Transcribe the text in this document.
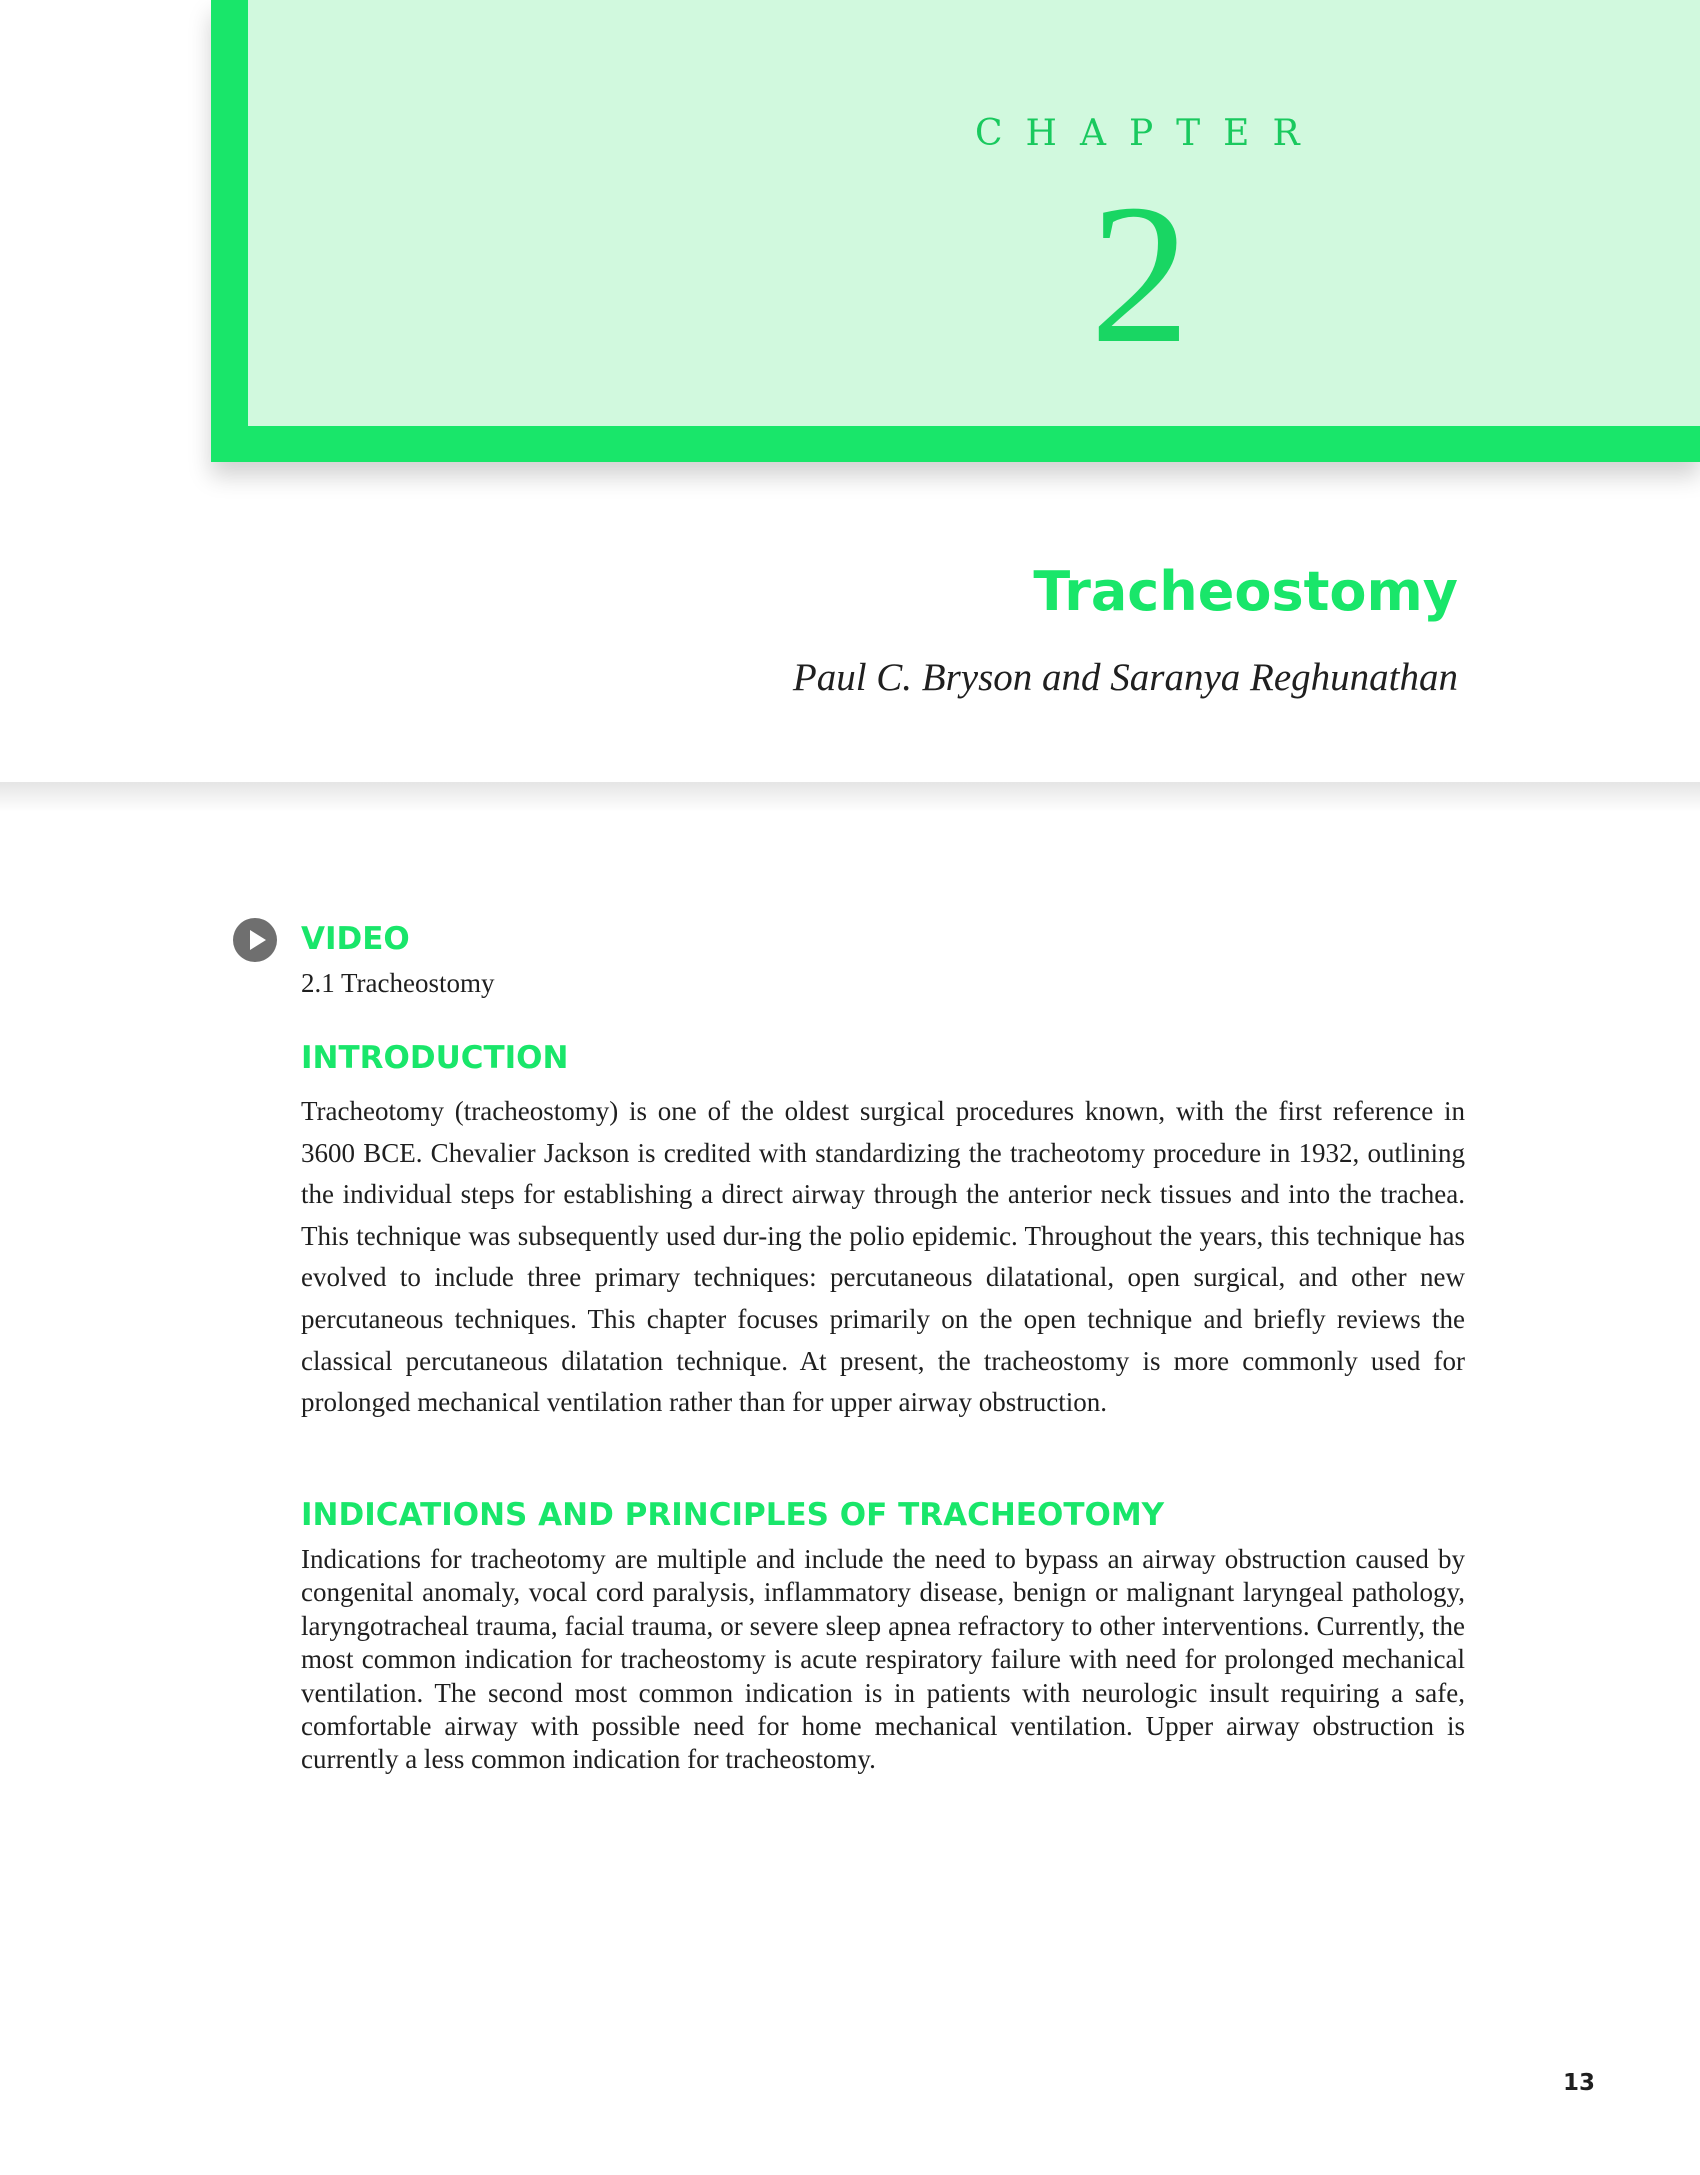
CHAPTER
2
Tracheostomy
Paul C. Bryson and Saranya Reghunathan
VIDEO
2.1 Tracheostomy
INTRODUCTION

Tracheotomy (tracheostomy) is one of the oldest surgical procedures known, with the first reference in 3600 BCE. Chevalier Jackson is credited with standardizing the tracheotomy procedure in 1932, outlining the individual steps for establishing a direct airway through the anterior neck tissues and into the trachea. This technique was subsequently used dur-ing the polio epidemic. Throughout the years, this technique has evolved to include three primary techniques: percutaneous dilatational, open surgical, and other new percutaneous techniques. This chapter focuses primarily on the open technique and briefly reviews the classical percutaneous dilatation technique. At present, the tracheostomy is more commonly used for prolonged mechanical ventilation rather than for upper airway obstruction.

INDICATIONS AND PRINCIPLES OF TRACHEOTOMY

Indications for tracheotomy are multiple and include the need to bypass an airway obstruction caused by congenital anomaly, vocal cord paralysis, inflammatory disease, benign or malignant laryngeal pathology, laryngotracheal trauma, facial trauma, or severe sleep apnea refractory to other interventions. Currently, the most common indication for tracheostomy is acute respiratory failure with need for prolonged mechanical ventilation. The second most common indication is in patients with neurologic insult requiring a safe, comfortable airway with possible need for home mechanical ventilation. Upper airway obstruction is currently a less common indication for tracheostomy.

13
